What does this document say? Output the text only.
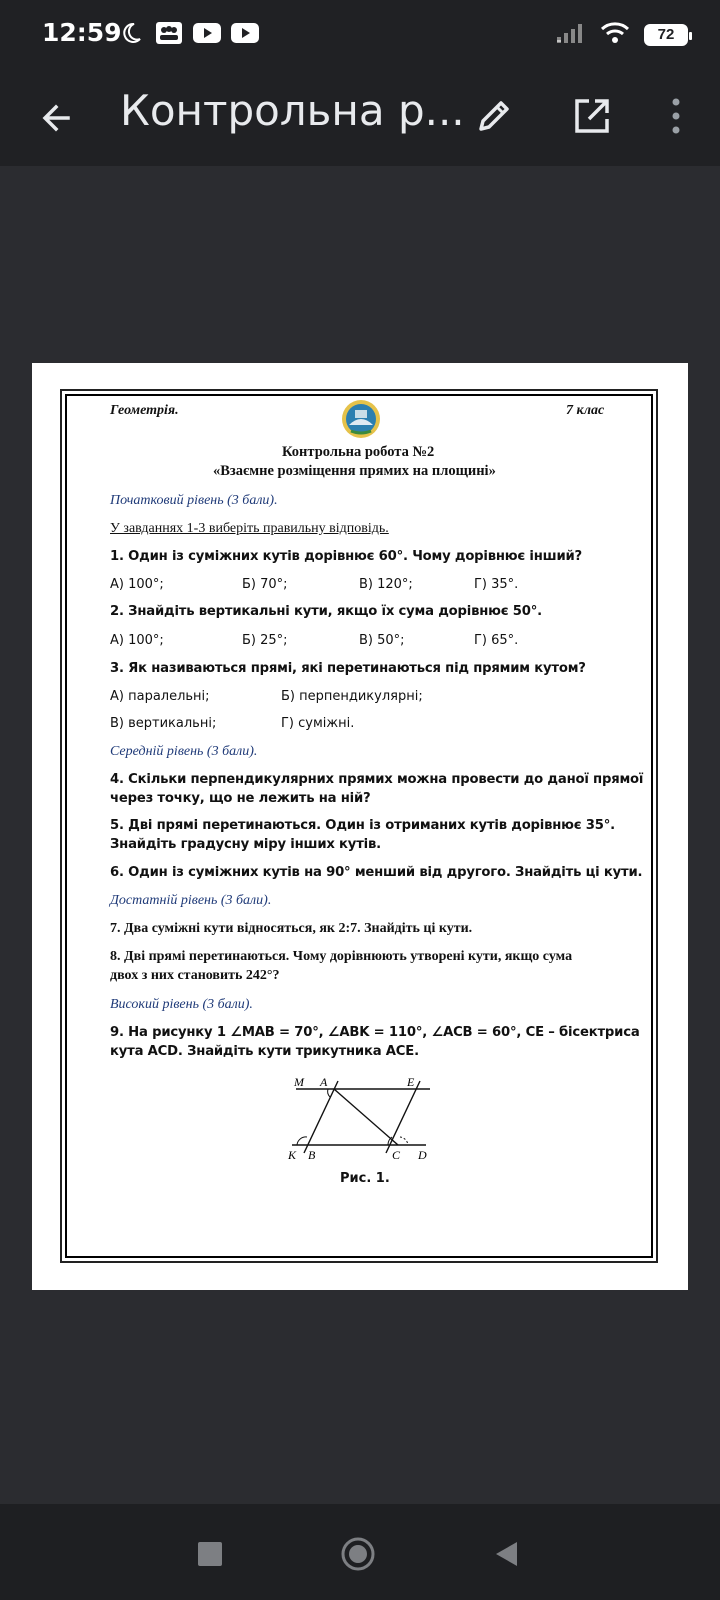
12:59	72
Контрольна р...
Геометрія.	7 клас
Контрольна робота №2
«Взаємне розміщення прямих на площині»
Початковий рівень (3 бали).
У завданнях 1-3 виберіть правильну відповідь.
1. Один із суміжних кутів дорівнює 60°. Чому дорівнює інший?
А) 100°;	Б) 70°;	В) 120°;	Г) 35°.
2. Знайдіть вертикальні кути, якщо їх сума дорівнює 50°.
А) 100°;	Б) 25°;	В) 50°;	Г) 65°.
3. Як називаються прямі, які перетинаються під прямим кутом?
А) паралельні;	Б) перпендикулярні;
В) вертикальні;	Г) суміжні.
Середній рівень (3 бали).
4. Скільки перпендикулярних прямих можна провести до даної прямої
через точку, що не лежить на ній?
5. Дві прямі перетинаються. Один із отриманих кутів дорівнює 35°.
Знайдіть градусну міру інших кутів.
6. Один із суміжних кутів на 90° менший від другого. Знайдіть ці кути.
Достатній рівень (3 бали).
7. Два суміжні кути відносяться, як 2:7. Знайдіть ці кути.
8. Дві прямі перетинаються. Чому дорівнюють утворені кути, якщо сума
двох з них становить 242°?
Високий рівень (3 бали).
9. На рисунку 1 ∠MAB = 70°, ∠ABK = 110°, ∠ACB = 60°, CE – бісектриса
кута ACD. Знайдіть кути трикутника ACE.
M A	E
K B	C D
Рис. 1.
